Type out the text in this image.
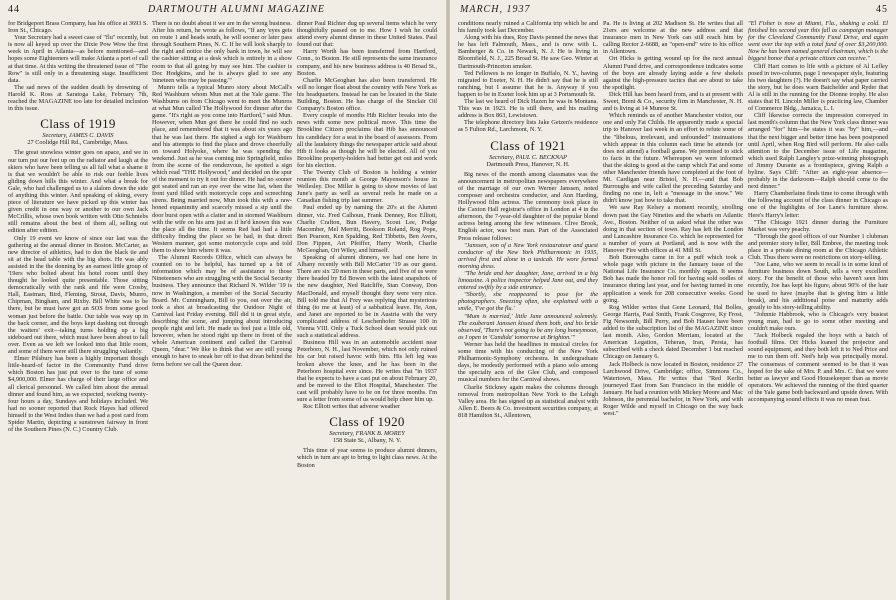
44	DARTMOUTH ALUMNI MAGAZINE

for Bridgeport Brass Company, has his office at 3693 S. Iron St., Chicago.

Your Secretary had a sweet case of "flu" recently, but is now all keyed up over the Dixie Pow Wow the first week in April in Atlanta—as before mentioned—and hopes some Eighteeners will make Atlanta a port of call at that time. At this writing the threatened issue of "The Row" is still only in a threatening stage. Insufficient data.

The sad news of the sudden death by drowning of Harold K. Ross at Saratoga Lake, February 7th, reached the MAGAZINE too late for detailed inclusion in this issue.

Class of 1919

Secretary, JAMES C. DAVIS

27 Coolidge Hill Rd., Cambridge, Mass.

The great snowless winter goes on apace, and we in our turn put our feet up on the radiator and laugh at the skiers who have been telling us all fall what a shame it is that we wouldn't be able to risk our feeble lives gliding down hills this winter. And what a break for Gale, who had challenged us to a slalom down the side of anything this winter. And speaking of skiing, every piece of literature we have picked up this winter has given credit in one way or another to our own Jack McCrillis, whose own book written with Otto Schniebs still remains about the best of them all, selling out edition after edition.

Only 19 event we know of since our last was the gathering at the annual dinner in Boston. McCarter, as new director of athletics, had to don the black tie and sit at the head table with the big shots. He was ably assisted in the the donning by an earnest little group of '19ers who bolted about his hotel room until they thought he looked quite presentable. Those sitting democratically with the rank and file were Crosby, Hall, Eastman, Bird, Fleming, Strout, Davis, Munro, Chipman, Bingham, and Rixby. Bill White was to be there, but he must have got an SOS from some good woman just before the battle. Our table was way up in the back corner, and the boys kept dashing out through the waiters' exit—taking turns holding up a big sideboard out there, which must have been about to fall over. Even as we left we looked into that little room, and some of them were still there struggling valiantly.

Elmer Pilsbury has been a highly important though little-heard-of factor in the Community Fund drive which Boston has just put over to the tune of some $4,900,000. Elmer has charge of their large office and all clerical personnel. We called him about the annual dinner and found him, as we expected, working twenty-four hours a day, Sundays and holidays included. We had no sooner reported that Rock Hayes had offered himself to the West Indies than we had a post card from Spider Martin, depicting a sunstrewn fairway in front of the Southern Pines (N. C.) Country Club.

There is no doubt about it we are in the wrong business. After his return, he wrote as follows, "If any 'eyes gets on route 1 and heads south, he will sooner or later pass through Southern Pines, N. C. If he will look sharply to the right and notice the only bank in town, he will see the cashier sitting at a desk which is entirely in a show room to that all going by may see him. The cashier is Doc Hodgkins, and he is always glad to see any 'nineteen who may be passing.'"

Munro tells a typical Munro story about McCall's Red Washburn whom Mun met at the Yale game. The Washburns on from Chicago went to meet the Munros at what Mun called The Hollywood for dinner after the game. "It's right as you come into Hartford," said Mun. However, when Mun got there he could find no such place, and remembered that it was about six years ago that he was last there. He sighed a sigh for Washburn and his attempts to find the place and drove cheerfully on toward Holyoke, where he was spending the weekend. Just as he was coming into Springfield, miles from the scene of the rendezvous, he spotted a sign which read "THE Hollywood," and decided on the spur of the moment to try it out for dinner. He had no sooner got seated and ran an eye over the wine list, when the front yard filled with motorcycle cops and screeching sirens. Being married now, Mun took this with a raw-boned equanimity and scarcely missed a sip until the door burst open with a clatter and in stormed Washburn with the wife on his arm just as if he'd known this was the place all the time. It seems Red had had a little difficulty finding the place so he had, in that direct Western manner, got some motorcycle cops and told them to show him where it was.

The Alumni Records Office, which can always be counted on to be helpful, has turned up a bit of information which may be of assistance to those Nineteeners who are struggling with the Social Security business. They announce that Richard N. Wilder '19 is now in Washington, a member of the Social Security Board. Mr. Cunningham, Bill to you, out over the air, took a shot at broadcasting the Outdoor Night of Carnival last Friday evening. Bill did it in great style, describing the scene, and jumping about introducing people right and left. He made us feel just a little old, however, when he stood right up there in front of the whole American continent and called the Carnival Queen, "dear." We like to think that we are still young enough to have to sneak her off to that divan behind the ferns before we call the Queen dear.

dinner Paul Richter dug up several items which he very thoughtfully passed on to me. How I wish he could attend every alumni dinner in these United States. Paul found out that:

Harry Worth has been transferred from Hartford, Conn., to Boston. He still represents the same insurance company, and his new business address is 40 Broad St., Boston.

Charlie McGeoghan has also been transferred. He will no longer float about the country with New York as his headquarters. Instead he can be located in the State Building, Boston. He has charge of the Sinclair Oil Company's Boston office.

Every couple of months Hib Richter breaks into the news with some new political move. This time the Brookline Citizen proclaims that Hib has announced his candidacy for a seat in the board of assessors. From all the laudatory things the newspaper article said about Hib it looks as though he will be elected. All of you Brookline property-holders had better get out and work for his election.

The Twenty Club of Boston is holding a winter reunion this month at George Mayenson's house in Wellesley. Doc Miller is going to show movies of last June's party as well as several reels he made on a Canadian fishing trip last summer.

Paul ended up by naming the 20's at the Alumni dinner, viz. Fred Calhoun, Frank Denney, Roc Elliott, Charlie Crafton, Bun Havery, Scout Lee, Podge Macomber, Mel Merritt, Bookson Roland, Rog Pope, Ben Pearson, Ken Spalding, Red Tibbetts, Ben Avers, Don Fippen, Art Pfeiffer, Harry Worth, Charlie McGeoghan, Ort Wiley, and himself.

Speaking of alumni dinners, we had one here in Albany recently with Bill McCarter '19 as our guest. There are six '20 men in these parts, and five of us were there headed by Ed Bowen with the latest snapshots of the new daughter, Ned Ratcliffe, Stan Conway, Don MacDonald, and myself thought they were very nice. Bill told me that Al Frey was replying that mysterious thing (to me at least) of a sabbatical leave. He, Ann, and Janet are reported to be in Austria with the very complicated address of Leschenhofer Strasse 100 in Vienna VIII. Only a Tuck School dean would pick out such a statistical address.

Business Hill was in an automobile accident near Peterboro, N. H., last November, which not only ruined his car but raised havoc with him. His left leg was broken above the knee, and he has been in the Peterboro hospital ever since. He writes that "in 1937 that he expects to have a cast put on about February 20, and be moved to the Eliot Hospital, Manchester. The cast will probably have to be on for three months. I'm sure a letter from some of us would help cheer him up.

Roc Elliott writes that adverse weather

Class of 1920

Secretary, FRANK B. MOREY

158 State St., Albany, N. Y.

This time of year seems to produce alumni dinners, which in turn are apt to bring to light class news. At the Boston

MARCH, 1937	45

conditions nearly ruined a California trip which he and his family took last December.

Along with his dues, Roy Davis penned the news that he has left Falmouth, Mass., and is now with L. Bamberger & Co. in Newark, N. J. He is living in Bloomfield, N. J., 225 Broad St. He saw Geo. Winter at Dartmouth-Princeton smoker.

Ted Fellowes is no longer in Buffalo, N. Y., having migrated to Exeter, N. H. He didn't say that he is still ranching, but I assume that he is. Anyway if you happen to be in Exeter look him up at 3 Portsmouth St.

The last we heard of Dick Hazen he was in Montana. This was in 1923. He is still there, and his mailing address is Box 863, Lewistown.

The telephone directory lists Jake Getzen's residence as 5 Fulton Rd., Larchmont, N. Y.

Class of 1921

Secretary, PAUL C. BECKNAP

Dartmouth Press, Hanover, N. H.

Big news of the month among classmates was the announcement in metropolitan newspapers everywhere of the marriage of our own Werner Janssen, noted composer and orchestra conductor, and Ann Harding, Hollywood film actress. The ceremony took place in the Caxton Hall registrar's office in London at 4 in the afternoon, the 7-year-old daughter of the popular blond actress being among the few witnesses. Clive Brook, English actor, was best man. Part of the Associated Press release follows:

"Janssen, son of a New York restaurateur and guest conductor of the New York Philharmonic in 1935, arrived first and alone in a taxicab. He wore formal morning dress.

"The bride and her daughter, Jane, arrived in a big limousine. A police inspector helped Jane out, and they entered swiftly by a side entrance.

"Shortly, she reappeared to pose for the photographers. Sneezing often, she explained with a smile, 'I've got the flu.'

"Mum is married,' little Jane announced solemnly. The exuberant Janssen kissed them both, and his bride observed, 'There's not going to be any long honeymoon, as I open in 'Candida' tomorrow at Brighton.'"

Werner has held the headlines in musical circles for some time with his conducting of the New York Philharmonic-Symphony orchestra. In undergraduate days, he modestly performed with a piano solo among the specialty acts of the Glee Club, and composed musical numbers for the Carnival shows.

Charlie Stickney again makes the columns through removal from metropolitan New York to the Lehigh Valley area. He has signed up as statistical analyst with Allen E. Beers & Co. investment securities company, at 818 Hamilton St., Allentown,

Pa. He is living at 202 Madison St. He writes that all 21ers are welcome at the new address and that insurance men in New York can still reach him by calling Rector 2-6688, an "open-end" wire to his office in Allentown.

Ort Hicks is getting wound up for the next annual Alumni Fund drive, and correspondence indicates some of the boys are already laying aside a few shekels against the high-pressure tactics that are about to take the spotlight.

Dick Hill has been heard from, and is at present with Sweet, Brent & Co., security firm in Manchester, N. H. and is living at 14 Munroe St.

Which reminds us of another Manchester visitor, our one and only Fat Childs. He apparently made a special trip to Hanover last week in an effort to refute some of the "libelous, irrelevant, and unfounded" insinuations which appear in this column each time he attends (or does not attend) a football game. We promised to stick to facts in the future. Whereupon we were informed that the skiing is good at the camp which Fat and some other Manchester friends have completed at the foot of Mt. Cardigan near Bristol, N. H.—and that Bob Burroughs and wife called the preceding Saturday and finding no one in, left a "message in the snow." We didn't know just how to take that.

We saw Ray Kelsey a moment recently, strolling down past the Gay Nineties and the wharfs on Atlantic Ave., Boston. Neither of us asked what the other was doing in that section of town. Ray has left the London and Lancashire Insurance Co. which he represented for a number of years at Portland, and is now with the Hanover Fire with offices at 41 Mill St.

Bob Burroughs came in for a puff which took a whole page with picture in the January issue of the National Life Insurance Co. monthly organ. It seems Bob has made the honor roll for having sold oodles of insurance during last year, and for having turned in one application a week for 208 consecutive weeks. Good going.

Rog Wilder writes that Gene Leonard, Hal Bolles, George Harris, Paul Smith, Frank Cosgrove, Ky Frost, Fig Newsomb, Bill Perry, and Bob Hauser have been added to the subscription list of the MAGAZINE since last month. Also, Gordon Merriam, located at the American Legation, Teheran, Iran, Persia, has subscribed with a check dated December 1 but reached Chicago on January 6.

Jack Holbeck is now located in Boston, residence 27 Larchwood Drive, Cambridge; office, Simmons Co., Watertown, Mass. He writes that "Red Kerlin journeyed East from San Francisco in the middle of January. He had a reunion with Mickey Moore and Mac Johnson, the perennial bachelor, in New York, and with Roger Wilde and myself in Chicago on the way back west."

"El Fisher is now at Miami, Fla., shaking a cold. El finished his second year this fall as campaign manager for the Cleveland Community Fund Drive, and again went over the top with a total fund of over $3,200,000. Now he has been named general chairman, which is the biggest honor that a private citizen can receive."

Cliff Hart comes to life with a picture of Al Lefley posed in two-column, page 1 newspaper style, featuring his two daughters (?). He doesn't say what paper carried the story, but he does warn Batchelder and Ryder that Al is still in the running for the Dionne trophy. He also states that H. Lincoln Miller is practicing law, Chamber of Commerce Bldg., Jamaica, L. I.

Cliff likewise corrects the impression conveyed in last month's column that the New York class dinner was arranged "for" him—he states it was "by" him,—and that the next bigger and better time has been postponed until April, when Rog Bird will perform. He also calls attention to the December issue of Life magazine, which used Ralph Langley's prize-winning photograph of Jimmy Durante as a frontispiece, giving Ralph a byline. Says Cliff: "After an eight-year absence—probably in the darkroom—Ralph should come to the next dinner."

Harry Chamberlaine finds time to come through with the following account of the class dinner in Chicago as one of the highlights of Joe Lane's furniture show. Here's Harry's letter:

"The Chicago 1921 dinner during the Furniture Market was very peachy.

"Through the good offices of our Number 1 clubman and premier story teller, Bill Embree, the meeting took place in a private dining room at the Chicago Athletic Club. Thus there were no restrictions on story-telling.

"Joe Lane, who we seem to recall is in some kind of furniture business down South, tells a very excellent story. For the benefit of those who haven't seen him recently, Joe has kept his figure, about 90% of the hair he used to have (maybe that is giving him a little break), and his additional poise and maturity adds greatly to his story-telling ability.

"Johnnie Habbrook, who is Chicago's very busiest young man, had to go to some other meeting and couldn't make ours.

"Jack Holbeck regaled the boys with a batch of football films. Ort Hicks loaned the projector and sound equipment, and they both left it to Ned Price and me to run them off. Ned's help was principally moral. The consensus of comment seemed to be that it was hoped for the sake of Mrs. P. and Mrs. C. that we were better as lawyer and Good Housekeeper than as movie operators. We achieved the running of the third quarter of the Yale game both backward and upside down. With accompanying sound effects it was no mean feat.
